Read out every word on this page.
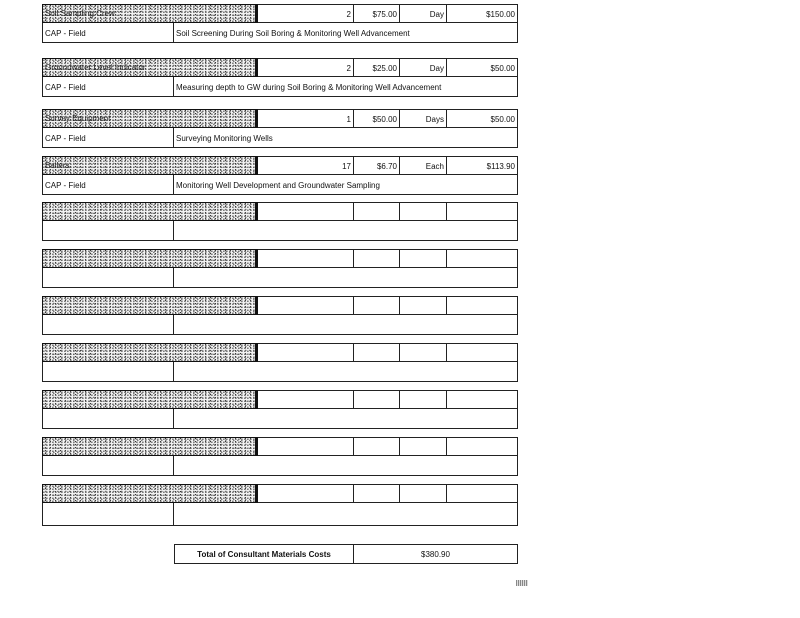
Soil Sampling Crew	2	$75.00	Day	$150.00
CAP - Field	Soil Screening During Soil Boring & Monitoring Well Advancement
Groundwater Level Indicator	2	$25.00	Day	$50.00
CAP - Field	Measuring depth to GW during Soil Boring & Monitoring Well Advancement
Survey Equipment	1	$50.00	Days	$50.00
CAP - Field	Surveying Monitoring Wells
Bailers	17	$6.70	Each	$113.90
CAP - Field	Monitoring Well Development and Groundwater Sampling
Total of Consultant Materials Costs	$380.90
